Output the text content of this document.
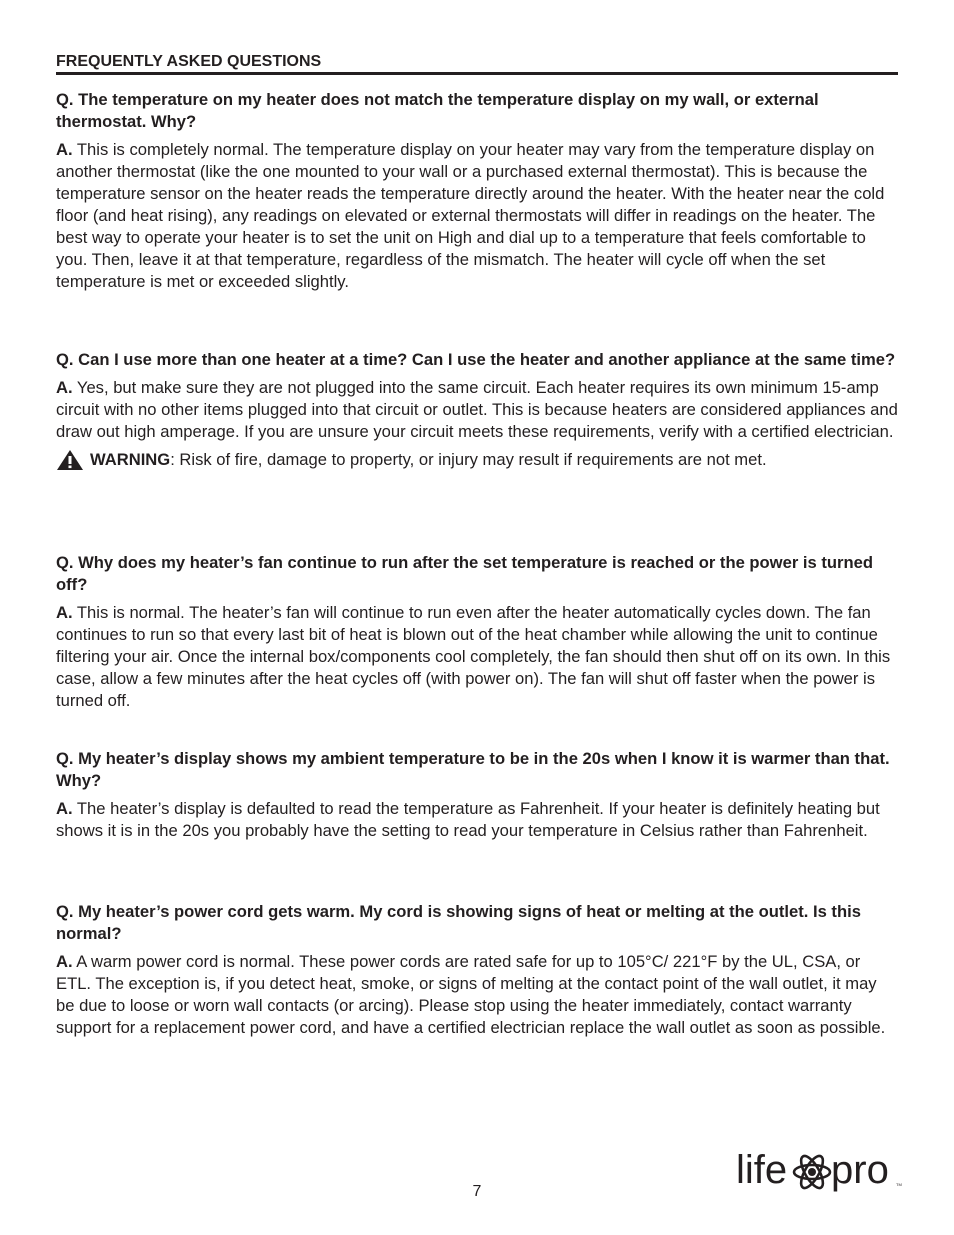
FREQUENTLY ASKED QUESTIONS

Q. The temperature on my heater does not match the temperature display on my wall, or external thermostat. Why?

A. This is completely normal. The temperature display on your heater may vary from the temperature display on another thermostat (like the one mounted to your wall or a purchased external thermostat). This is because the temperature sensor on the heater reads the temperature directly around the heater. With the heater near the cold floor (and heat rising), any readings on elevated or external thermostats will differ in readings on the heater. The best way to operate your heater is to set the unit on High and dial up to a temperature that feels comfortable to you. Then, leave it at that temperature, regardless of the mismatch. The heater will cycle off when the set temperature is met or exceeded slightly.

Q. Can I use more than one heater at a time? Can I use the heater and another appliance at the same time?

A. Yes, but make sure they are not plugged into the same circuit. Each heater requires its own minimum 15-amp circuit with no other items plugged into that circuit or outlet. This is because heaters are considered appliances and draw out high amperage. If you are unsure your circuit meets these requirements, verify with a certified electrician.

WARNING: Risk of fire, damage to property, or injury may result if requirements are not met.

Q. Why does my heater’s fan continue to run after the set temperature is reached or the power is turned off?

A. This is normal. The heater’s fan will continue to run even after the heater automatically cycles down. The fan continues to run so that every last bit of heat is blown out of the heat chamber while allowing the unit to continue filtering your air. Once the internal box/components cool completely, the fan should then shut off on its own. In this case, allow a few minutes after the heat cycles off (with power on). The fan will shut off faster when the power is turned off.

Q. My heater’s display shows my ambient temperature to be in the 20s when I know it is warmer than that. Why?

A. The heater’s display is defaulted to read the temperature as Fahrenheit. If your heater is definitely heating but shows it is in the 20s you probably have the setting to read your temperature in Celsius rather than Fahrenheit.

Q. My heater’s power cord gets warm. My cord is showing signs of heat or melting at the outlet. Is this normal?

A. A warm power cord is normal. These power cords are rated safe for up to 105°C/ 221°F by the UL, CSA, or ETL. The exception is, if you detect heat, smoke, or signs of melting at the contact point of the wall outlet, it may be due to loose or worn wall contacts (or arcing). Please stop using the heater immediately, contact warranty support for a replacement power cord, and have a certified electrician replace the wall outlet as soon as possible.

7	life pro TM
